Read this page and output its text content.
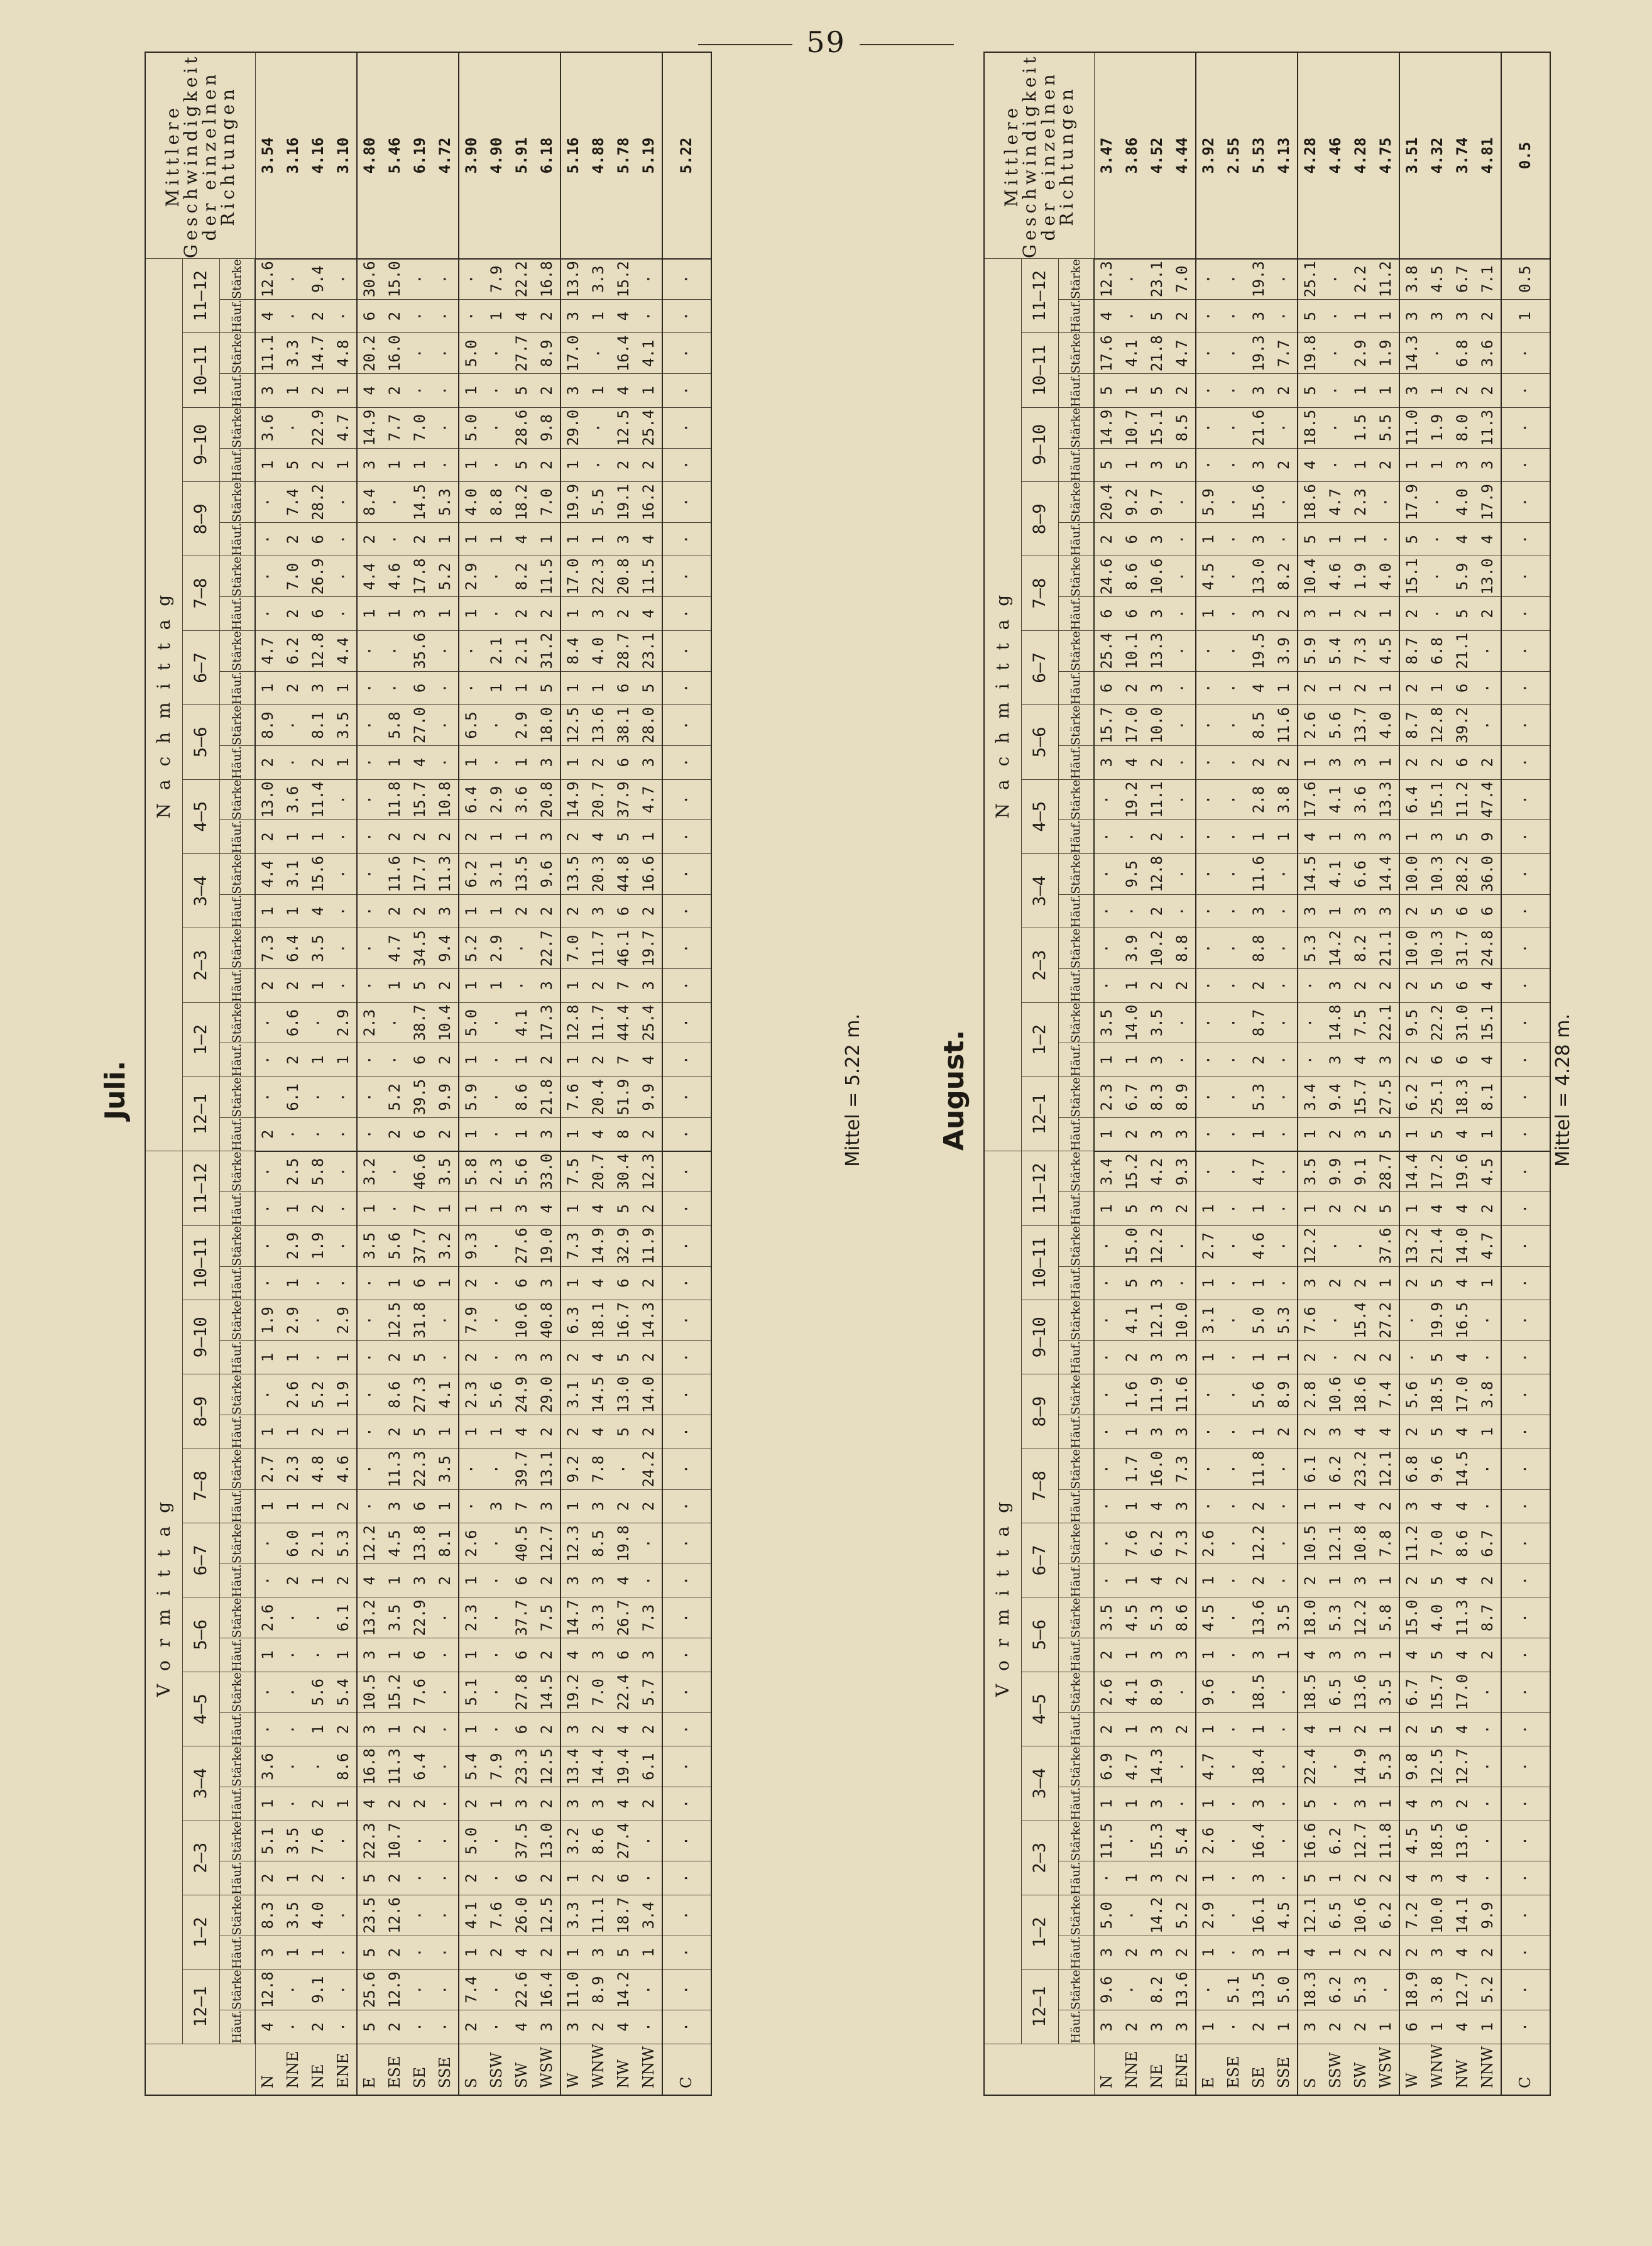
59
	V o r m i t t a g																								N a c h m i t t a g																								Mittlere Geschwindigkeit der einzelnen Richtungen
	12–1		1–2		2–3		3–4		4–5		5–6		6–7		7–8		8–9		9–10		10–11		11–12		12–1		1–2		2–3		3–4		4–5		5–6		6–7		7–8		8–9		9–10		10–11		11–12		
	Häuf.	Stärke	Häuf.	Stärke	Häuf.	Stärke	Häuf.	Stärke	Häuf.	Stärke	Häuf.	Stärke	Häuf.	Stärke	Häuf.	Stärke	Häuf.	Stärke	Häuf.	Stärke	Häuf.	Stärke	Häuf.	Stärke	Häuf.	Stärke	Häuf.	Stärke	Häuf.	Stärke	Häuf.	Stärke	Häuf.	Stärke	Häuf.	Stärke	Häuf.	Stärke	Häuf.	Stärke	Häuf.	Stärke	Häuf.	Stärke	Häuf.	Stärke	Häuf.	Stärke	
N	4	12.8	3	8.3	2	5.1	1	3.6	·	·	1	2.6	·	·	1	2.7	1	·	1	1.9	·	·	·	·	2	·	·	·	2	7.3	1	4.4	2	13.0	2	8.9	1	4.7	·	·	·	·	1	3.6	3	11.1	4	12.6	3.54
NNE	·	·	1	3.5	1	3.5	·	·	·	·	·	·	2	6.0	1	2.3	1	2.6	1	2.9	1	2.9	1	2.5	·	6.1	2	6.6	2	6.4	1	3.1	1	3.6	·	·	2	6.2	2	7.0	2	7.4	5	·	1	3.3	·	·	3.16
NE	2	9.1	1	4.0	2	7.6	2	·	1	5.6	·	·	1	2.1	1	4.8	2	5.2	·	·	·	1.9	2	5.8	·	·	1	·	1	3.5	4	15.6	1	11.4	2	8.1	3	12.8	6	26.9	6	28.2	2	22.9	2	14.7	2	9.4	4.16
ENE	·	·	·	·	·	·	1	8.6	2	5.4	1	6.1	2	5.3	2	4.6	1	1.9	1	2.9	·	·	·	·	·	·	1	2.9	·	·	·	·	·	·	1	3.5	1	4.4	·	·	·	·	1	4.7	1	4.8	·	·	3.10
E	5	25.6	5	23.5	5	22.3	4	16.8	3	10.5	3	13.2	4	12.2	·	·	·	·	·	·	·	3.5	1	3.2	·	·	·	2.3	·	·	·	·	·	·	·	·	·	·	1	4.4	2	8.4	3	14.9	4	20.2	6	30.6	4.80
ESE	2	12.9	2	12.6	2	10.7	2	11.3	1	15.2	1	3.5	1	4.5	3	11.3	2	8.6	2	12.5	1	5.6	·	·	2	5.2	·	·	1	4.7	2	11.6	2	11.8	1	5.8	·	·	1	4.6	·	·	1	7.7	2	16.0	2	15.0	5.46
SE	·	·	·	·	·	·	2	6.4	2	7.6	6	22.9	3	13.8	6	22.3	5	27.3	5	31.8	6	37.7	7	46.6	6	39.5	6	38.7	5	34.5	2	17.7	2	15.7	4	27.0	6	35.6	3	17.8	2	14.5	1	7.0	·	·	·	·	6.19
SSE	·	·	·	·	·	·	·	·	·	·	·	·	2	8.1	1	3.5	1	4.1	·	·	1	3.2	1	3.5	2	9.9	2	10.4	2	9.4	3	11.3	2	10.8	·	·	·	·	1	5.2	1	5.3	·	·	·	·	·	·	4.72
S	2	7.4	1	4.1	2	5.0	2	5.4	1	5.1	1	2.3	1	2.6	·	·	1	2.3	2	7.9	2	9.3	1	5.8	1	5.9	1	5.0	1	5.2	1	6.2	2	6.4	1	6.5	·	·	1	2.9	1	4.0	1	5.0	1	5.0	·	·	3.90
SSW	·	·	2	7.6	·	·	1	7.9	·	·	·	·	·	·	3	·	1	5.6	·	·	·	·	1	2.3	·	·	·	·	1	2.9	1	3.1	1	2.9	·	·	1	2.1	·	·	1	8.8	·	·	·	·	1	7.9	4.90
SW	4	22.6	4	26.0	6	37.5	3	23.3	6	27.8	6	37.7	6	40.5	7	39.7	4	24.9	3	10.6	6	27.6	3	5.6	1	8.6	1	4.1	·	·	2	13.5	1	3.6	1	2.9	1	2.1	2	8.2	4	18.2	5	28.6	5	27.7	4	22.2	5.91
WSW	3	16.4	2	12.5	2	13.0	2	12.5	2	14.5	2	7.5	2	12.7	3	13.1	2	29.0	3	40.8	3	19.0	4	33.0	3	21.8	2	17.3	3	22.7	2	9.6	3	20.8	3	18.0	5	31.2	2	11.5	1	7.0	2	9.8	2	8.9	2	16.8	6.18
W	3	11.0	1	3.3	1	3.2	3	13.4	3	19.2	4	14.7	3	12.3	1	9.2	2	3.1	2	6.3	1	7.3	1	7.5	1	7.6	1	12.8	1	7.0	2	13.5	2	14.9	1	12.5	1	8.4	1	17.0	1	19.9	1	29.0	3	17.0	3	13.9	5.16
WNW	2	8.9	3	11.1	2	8.6	3	14.4	2	7.0	3	3.3	3	8.5	3	7.8	4	14.5	4	18.1	4	14.9	4	20.7	4	20.4	2	11.7	2	11.7	3	20.3	4	20.7	2	13.6	1	4.0	3	22.3	1	5.5	·	·	1	·	1	3.3	4.88
NW	4	14.2	5	18.7	6	27.4	4	19.4	4	22.4	6	26.7	4	19.8	2	·	5	13.0	5	16.7	6	32.9	5	30.4	8	51.9	7	44.4	7	46.1	6	44.8	5	37.9	6	38.1	6	28.7	2	20.8	3	19.1	2	12.5	4	16.4	4	15.2	5.78
NNW	·	·	1	3.4	·	·	2	6.1	2	5.7	3	7.3	·	·	2	24.2	2	14.0	2	14.3	2	11.9	2	12.3	2	9.9	4	25.4	3	19.7	2	16.6	1	4.7	3	28.0	5	23.1	4	11.5	4	16.2	2	25.4	1	4.1	·	·	5.19
C	·	·	·	·	·	·	·	·	·	·	·	·	·	·	·	·	·	·	·	·	·	·	·	·	·	·	·	·	·	·	·	·	·	·	·	·	·	·	·	·	·	·	·	·	·	·	·	·	5.22
Juli.	Mittel = 5.22 m.
	V o r m i t t a g																								N a c h m i t t a g																								Mittlere Geschwindigkeit der einzelnen Richtungen
	12–1		1–2		2–3		3–4		4–5		5–6		6–7		7–8		8–9		9–10		10–11		11–12		12–1		1–2		2–3		3–4		4–5		5–6		6–7		7–8		8–9		9–10		10–11		11–12		
	Häuf.	Stärke	Häuf.	Stärke	Häuf.	Stärke	Häuf.	Stärke	Häuf.	Stärke	Häuf.	Stärke	Häuf.	Stärke	Häuf.	Stärke	Häuf.	Stärke	Häuf.	Stärke	Häuf.	Stärke	Häuf.	Stärke	Häuf.	Stärke	Häuf.	Stärke	Häuf.	Stärke	Häuf.	Stärke	Häuf.	Stärke	Häuf.	Stärke	Häuf.	Stärke	Häuf.	Stärke	Häuf.	Stärke	Häuf.	Stärke	Häuf.	Stärke	Häuf.	Stärke	
N	3	9.6	3	5.0	·	11.5	1	6.9	2	2.6	2	3.5	·	·	·	·	·	·	·	·	·	·	1	3.4	1	2.3	1	3.5	·	·	·	·	·	·	3	15.7	6	25.4	6	24.6	2	20.4	5	14.9	5	17.6	4	12.3	3.47
NNE	2	·	2	·	1	·	1	4.7	1	4.1	1	4.5	1	7.6	1	1.7	1	1.6	2	4.1	5	15.0	5	15.2	2	6.7	1	14.0	1	3.9	·	9.5	·	19.2	4	17.0	2	10.1	6	8.6	6	9.2	1	10.7	1	4.1	·	·	3.86
NE	3	8.2	3	14.2	3	15.3	3	14.3	3	8.9	3	5.3	4	6.2	4	16.0	3	11.9	3	12.1	3	12.2	3	4.2	3	8.3	3	3.5	2	10.2	2	12.8	2	11.1	2	10.0	3	13.3	3	10.6	3	9.7	3	15.1	5	21.8	5	23.1	4.52
ENE	3	13.6	2	5.2	2	5.4	·	·	2	·	3	8.6	2	7.3	3	7.3	3	11.6	3	10.0	·	·	2	9.3	3	8.9	·	·	2	8.8	·	·	·	·	·	·	·	·	·	·	·	·	5	8.5	2	4.7	2	7.0	4.44
E	1	·	1	2.9	1	2.6	1	4.7	1	9.6	1	4.5	1	2.6	·	·	·	·	1	3.1	1	2.7	1	·	·	·	·	·	·	·	·	·	·	·	·	·	·	·	1	4.5	1	5.9	·	·	·	·	·	·	3.92
ESE	·	5.1	·	·	·	·	·	·	·	·	·	·	·	·	·	·	·	·	·	·	·	·	·	·	·	·	·	·	·	·	·	·	·	·	·	·	·	·	·	·	·	·	·	·	·	·	·	·	2.55
SE	2	13.5	3	16.1	3	16.4	3	18.4	1	18.5	3	13.6	2	12.2	2	11.8	1	5.6	1	5.0	1	4.6	1	4.7	1	5.3	2	8.7	2	8.8	3	11.6	1	2.8	2	8.5	4	19.5	3	13.0	3	15.6	3	21.6	3	19.3	3	19.3	5.53
SSE	1	5.0	1	4.5	·	·	·	·	·	·	1	3.5	·	·	·	·	2	8.9	1	5.3	·	·	·	·	·	·	·	·	·	·	·	·	1	3.8	2	11.6	1	3.9	2	8.2	·	·	2	·	2	7.7	·	·	4.13
S	3	18.3	4	12.1	5	16.6	5	22.4	4	18.5	4	18.0	2	10.5	1	6.1	2	2.8	2	7.6	3	12.2	1	3.5	1	3.4	·	·	·	5.3	3	14.5	4	17.6	1	2.6	2	5.9	3	10.4	5	18.6	4	18.5	5	19.8	5	25.1	4.28
SSW	2	6.2	1	6.5	1	6.2	·	·	1	6.5	3	5.3	1	12.1	1	6.2	3	10.6	·	·	2	·	2	9.9	2	9.4	3	14.8	3	14.2	1	4.1	1	4.1	3	5.6	1	5.4	1	4.6	1	4.7	·	·	·	·	·	·	4.46
SW	2	5.3	2	10.6	2	12.7	3	14.9	2	13.6	3	12.2	3	10.8	4	23.2	4	18.6	2	15.4	2	·	2	9.1	3	15.7	4	7.5	2	8.2	3	6.6	3	3.6	3	13.7	2	7.3	2	1.9	1	2.3	1	1.5	1	2.9	1	2.2	4.28
WSW	1	·	2	6.2	2	11.8	1	5.3	1	3.5	1	5.8	1	7.8	2	12.1	4	7.4	2	27.2	1	37.6	5	28.7	5	27.5	3	22.1	2	21.1	3	14.4	3	13.3	1	4.0	1	4.5	1	4.0	·	·	2	5.5	1	1.9	1	11.2	4.75
W	6	18.9	2	7.2	4	4.5	4	9.8	2	6.7	4	15.0	2	11.2	3	6.8	2	5.6	·	·	2	13.2	1	14.4	1	6.2	2	9.5	2	10.0	2	10.0	1	6.4	2	8.7	2	8.7	2	15.1	5	17.9	1	11.0	3	14.3	3	3.8	3.51
WNW	1	3.8	3	10.0	3	18.5	3	12.5	5	15.7	5	4.0	5	7.0	4	9.6	5	18.5	5	19.9	5	21.4	4	17.2	5	25.1	6	22.2	5	10.3	5	10.3	3	15.1	2	12.8	1	6.8	·	·	·	·	1	1.9	1	·	3	4.5	4.32
NW	4	12.7	4	14.1	4	13.6	2	12.7	4	17.0	4	11.3	4	8.6	4	14.5	4	17.0	4	16.5	4	14.0	4	19.6	4	18.3	6	31.0	6	31.7	6	28.2	5	11.2	6	39.2	6	21.1	5	5.9	4	4.0	3	8.0	2	6.8	3	6.7	3.74
NNW	1	5.2	2	9.9	·	·	·	·	·	·	2	8.7	2	6.7	·	·	1	3.8	·	·	1	4.7	2	4.5	1	8.1	4	15.1	4	24.8	6	36.0	9	47.4	2	·	·	·	2	13.0	4	17.9	3	11.3	2	3.6	2	7.1	4.81
C	·	·	·	·	·	·	·	·	·	·	·	·	·	·	·	·	·	·	·	·	·	·	·	·	·	·	·	·	·	·	·	·	·	·	·	·	·	·	·	·	·	·	·	·	·	·	1	0.5	0.5
August.	Mittel = 4.28 m.
